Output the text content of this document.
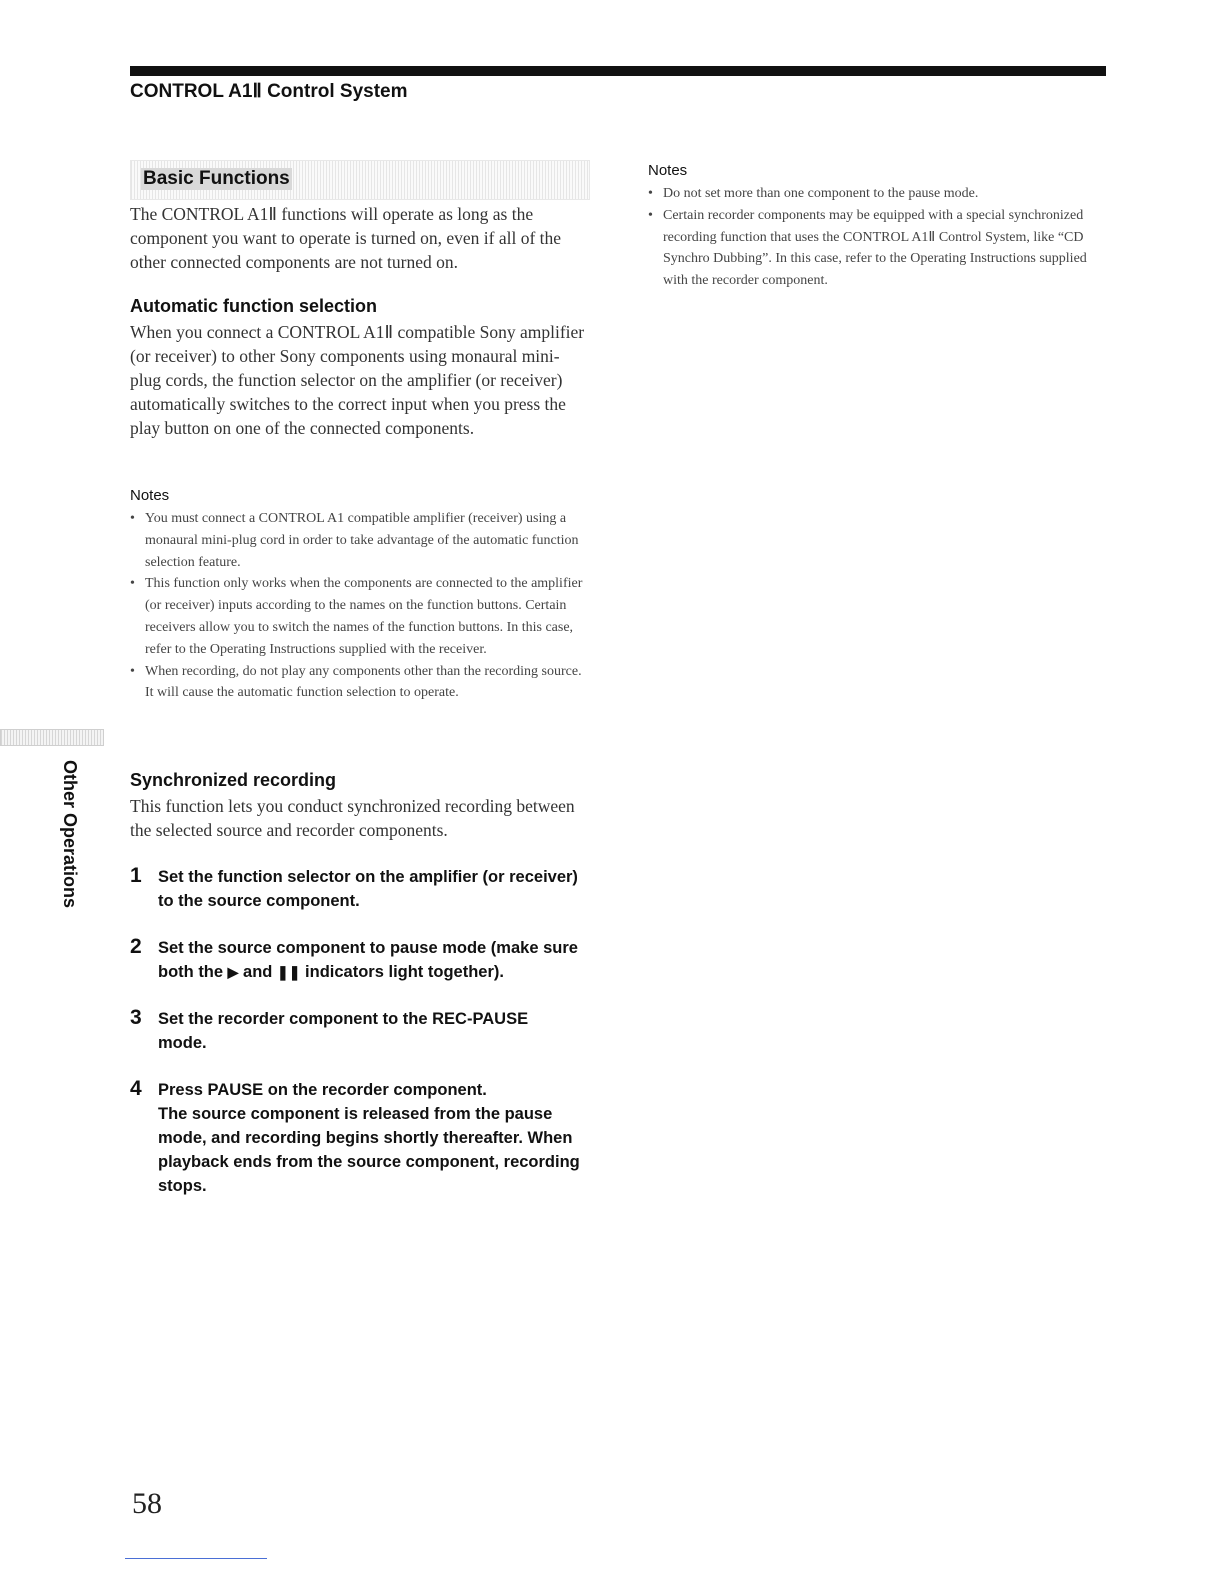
CONTROL A1Ⅱ Control System
Basic Functions

The CONTROL A1Ⅱ functions will operate as long as the component you want to operate is turned on, even if all of the other connected components are not turned on.

Automatic function selection

When you connect a CONTROL A1Ⅱ compatible Sony amplifier (or receiver) to other Sony components using monaural mini-plug cords, the function selector on the amplifier (or receiver) automatically switches to the correct input when you press the play button on one of the connected components.

Notes
• You must connect a CONTROL A1 compatible amplifier (receiver) using a monaural mini-plug cord in order to take advantage of the automatic function selection feature.
• This function only works when the components are connected to the amplifier (or receiver) inputs according to the names on the function buttons. Certain receivers allow you to switch the names of the function buttons. In this case, refer to the Operating Instructions supplied with the receiver.
• When recording, do not play any components other than the recording source. It will cause the automatic function selection to operate.
Synchronized recording

This function lets you conduct synchronized recording between the selected source and recorder components.

1 Set the function selector on the amplifier (or receiver) to the source component.

2 Set the source component to pause mode (make sure both the ▶ and ❚❚ indicators light together).

3 Set the recorder component to the REC-PAUSE mode.

4 Press PAUSE on the recorder component.

The source component is released from the pause mode, and recording begins shortly thereafter. When playback ends from the source component, recording stops.

Notes
• Do not set more than one component to the pause mode.
• Certain recorder components may be equipped with a special synchronized recording function that uses the CONTROL A1Ⅱ Control System, like “CD Synchro Dubbing”. In this case, refer to the Operating Instructions supplied with the recorder component.
Other Operations
58
